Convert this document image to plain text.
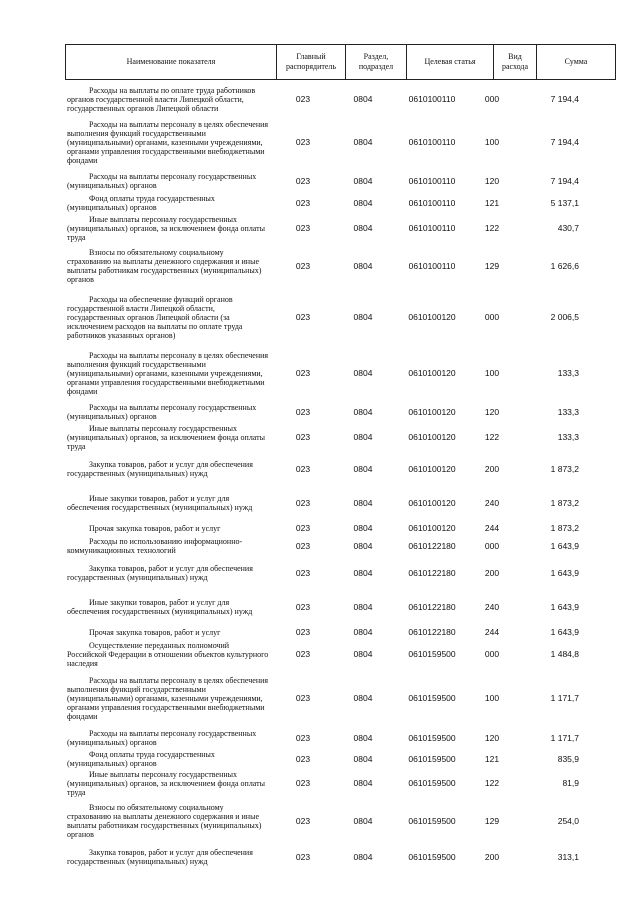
Наименование показателя	Главный распорядитель	Раздел, подраздел	Целевая статья	Вид расхода	Сумма
Расходы на выплаты по оплате труда работников органов государственной власти Липецкой области, государственных органов Липецкой области	023	0804	0610100110	000	7 194,4

Расходы на выплаты персоналу в целях обеспечения выполнения функций государственными (муниципальными) органами, казенными учреждениями, органами управления государственными внебюджетными фондами	023	0804	0610100110	100	7 194,4

Расходы на выплаты персоналу государственных (муниципальных) органов	023	0804	0610100110	120	7 194,4

Фонд оплаты труда государственных (муниципальных) органов	023	0804	0610100110	121	5 137,1

Иные выплаты персоналу государственных (муниципальных) органов, за исключением фонда оплаты труда	023	0804	0610100110	122	430,7

Взносы по обязательному социальному страхованию на выплаты денежного содержания и иные выплаты работникам государственных (муниципальных) органов	023	0804	0610100110	129	1 626,6

Расходы на обеспечение функций органов государственной власти Липецкой области, государственных органов Липецкой области (за исключением расходов на выплаты по оплате труда работников указанных органов)	023	0804	0610100120	000	2 006,5

Расходы на выплаты персоналу в целях обеспечения выполнения функций государственными (муниципальными) органами, казенными учреждениями, органами управления государственными внебюджетными фондами	023	0804	0610100120	100	133,3

Расходы на выплаты персоналу государственных (муниципальных) органов	023	0804	0610100120	120	133,3

Иные выплаты персоналу государственных (муниципальных) органов, за исключением фонда оплаты труда	023	0804	0610100120	122	133,3

Закупка товаров, работ и услуг для обеспечения государственных (муниципальных) нужд	023	0804	0610100120	200	1 873,2

Иные закупки товаров, работ и услуг для обеспечения государственных (муниципальных) нужд	023	0804	0610100120	240	1 873,2

Прочая закупка товаров, работ и услуг	023	0804	0610100120	244	1 873,2

Расходы по использованию информационно-коммуникационных технологий	023	0804	0610122180	000	1 643,9

Закупка товаров, работ и услуг для обеспечения государственных (муниципальных) нужд	023	0804	0610122180	200	1 643,9

Иные закупки товаров, работ и услуг для обеспечения государственных (муниципальных) нужд	023	0804	0610122180	240	1 643,9

Прочая закупка товаров, работ и услуг	023	0804	0610122180	244	1 643,9

Осуществление переданных полномочий Российской Федерации в отношении объектов культурного наследия	023	0804	0610159500	000	1 484,8

Расходы на выплаты персоналу в целях обеспечения выполнения функций государственными (муниципальными) органами, казенными учреждениями, органами управления государственными внебюджетными фондами	023	0804	0610159500	100	1 171,7

Расходы на выплаты персоналу государственных (муниципальных) органов	023	0804	0610159500	120	1 171,7

Фонд оплаты труда государственных (муниципальных) органов	023	0804	0610159500	121	835,9

Иные выплаты персоналу государственных (муниципальных) органов, за исключением фонда оплаты труда	023	0804	0610159500	122	81,9

Взносы по обязательному социальному страхованию на выплаты денежного содержания и иные выплаты работникам государственных (муниципальных) органов	023	0804	0610159500	129	254,0

Закупка товаров, работ и услуг для обеспечения государственных (муниципальных) нужд	023	0804	0610159500	200	313,1
